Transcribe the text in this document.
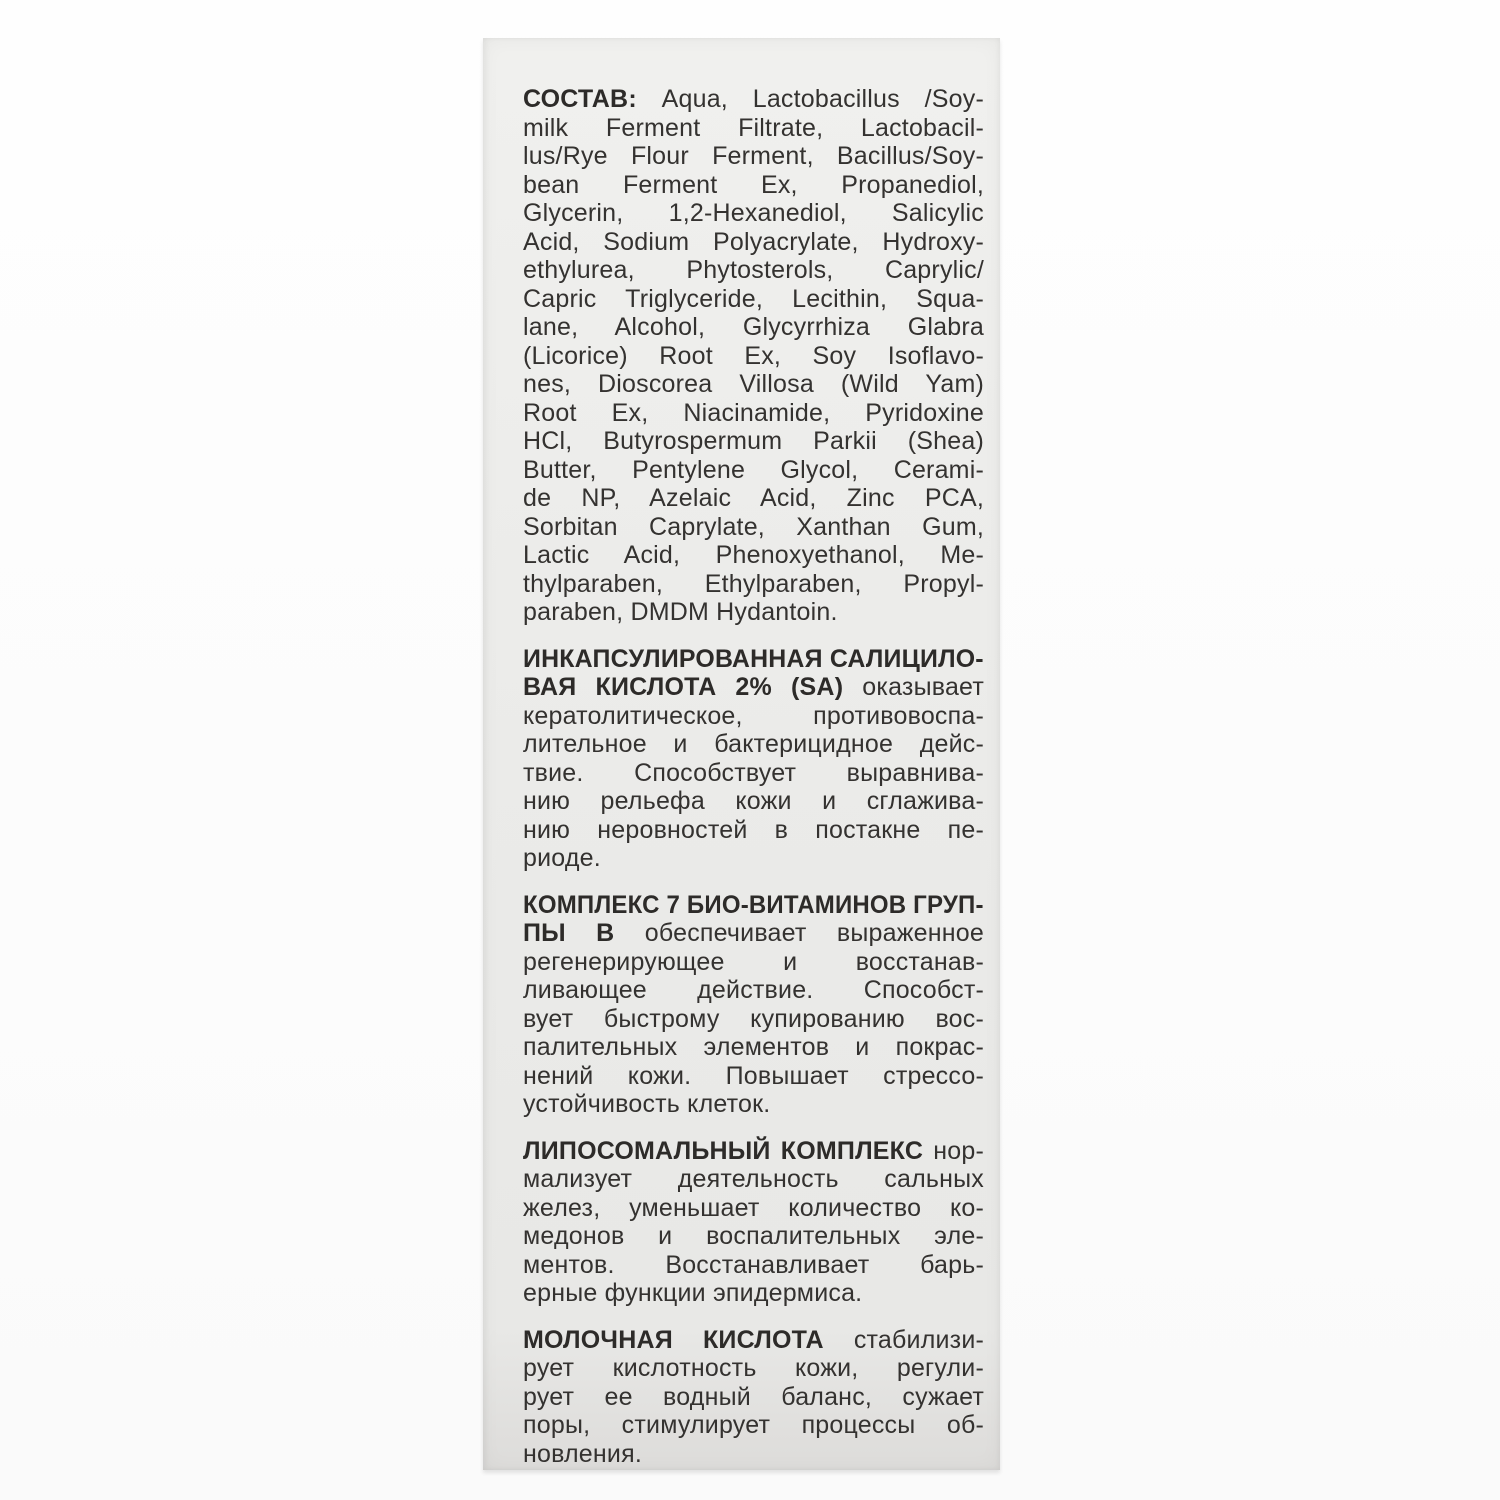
СОСТАВ: Aqua, Lactobacillus /Soy-
milk Ferment Filtrate, Lactobacil-
lus/Rye Flour Ferment, Bacillus/Soy-
bean Ferment Ex, Propanediol,
Glycerin, 1,2-Hexanediol, Salicylic
Acid, Sodium Polyacrylate, Hydroxy-
ethylurea, Phytosterols, Caprylic/
Capric Triglyceride, Lecithin, Squa-
lane, Alcohol, Glycyrrhiza Glabra
(Licorice) Root Ex, Soy Isoflavo-
nes, Dioscorea Villosa (Wild Yam)
Root Ex, Niacinamide, Pyridoxine
HCl, Butyrospermum Parkii (Shea)
Butter, Pentylene Glycol, Cerami-
de NP, Azelaic Acid, Zinc PCA,
Sorbitan Caprylate, Xanthan Gum,
Lactic Acid, Phenoxyethanol, Me-
thylparaben, Ethylparaben, Propyl-
paraben, DMDM Hydantoin.
ИНКАПСУЛИРОВАННАЯ САЛИЦИЛО-
ВАЯ КИСЛОТА 2% (SA) оказывает
кератолитическое, противовоспа-
лительное и бактерицидное дейс-
твие. Способствует выравнива-
нию рельефа кожи и сглажива-
нию неровностей в постакне пе-
риоде.
КОМПЛЕКС 7 БИО-ВИТАМИНОВ ГРУП-
ПЫ В обеспечивает выраженное
регенерирующее и восстанав-
ливающее действие. Способст-
вует быстрому купированию вос-
палительных элементов и покрас-
нений кожи. Повышает стрессо-
устойчивость клеток.
ЛИПОСОМАЛЬНЫЙ КОМПЛЕКС нор-
мализует деятельность сальных
желез, уменьшает количество ко-
медонов и воспалительных эле-
ментов. Восстанавливает барь-
ерные функции эпидермиса.
МОЛОЧНАЯ КИСЛОТА стабилизи-
рует кислотность кожи, регули-
рует ее водный баланс, сужает
поры, стимулирует процессы об-
новления.
